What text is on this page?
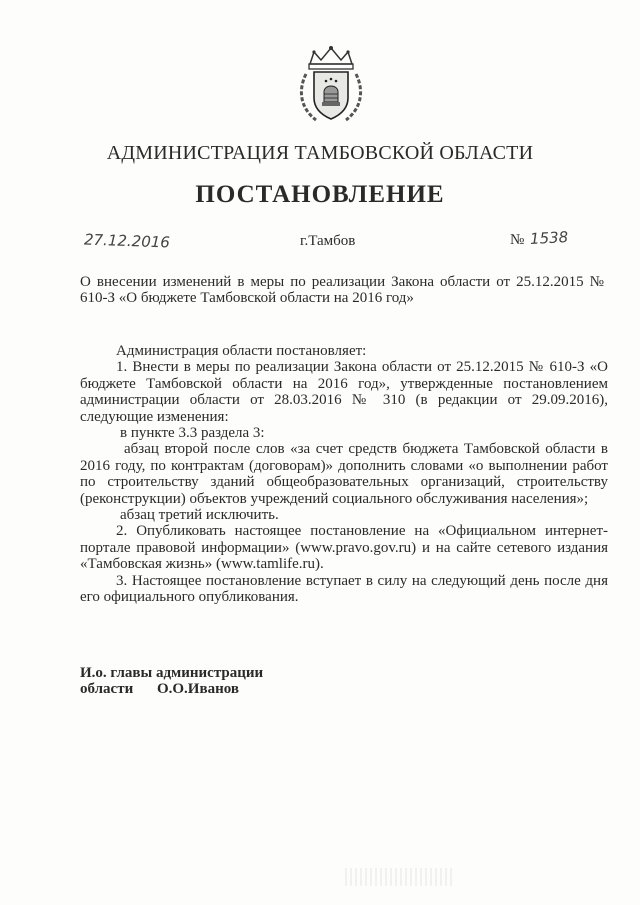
АДМИНИСТРАЦИЯ ТАМБОВСКОЙ ОБЛАСТИ
ПОСТАНОВЛЕНИЕ
27.12.2016	г.Тамбов	№ 1538
О внесении изменений в меры по реализации Закона области от 25.12.2015 № 610-З «О бюджете Тамбовской области на 2016 год»

Администрация области постановляет:

1. Внести в меры по реализации Закона области от 25.12.2015 № 610-З «О бюджете Тамбовской области на 2016 год», утвержденные постановлением администрации области от 28.03.2016 № 310 (в редакции от 29.09.2016), следующие изменения:

в пункте 3.3 раздела 3:

абзац второй после слов «за счет средств бюджета Тамбовской области в 2016 году, по контрактам (договорам)» дополнить словами «о выполнении работ по строительству зданий общеобразовательных организаций, строительству (реконструкции) объектов учреждений социального обслуживания населения»;

абзац третий исключить.

2. Опубликовать настоящее постановление на «Официальном интернет-портале правовой информации» (www.pravo.gov.ru) и на сайте сетевого издания «Тамбовская жизнь» (www.tamlife.ru).

3. Настоящее постановление вступает в силу на следующий день после дня его официального опубликования.

И.о. главы администрации
области О.О.Иванов
